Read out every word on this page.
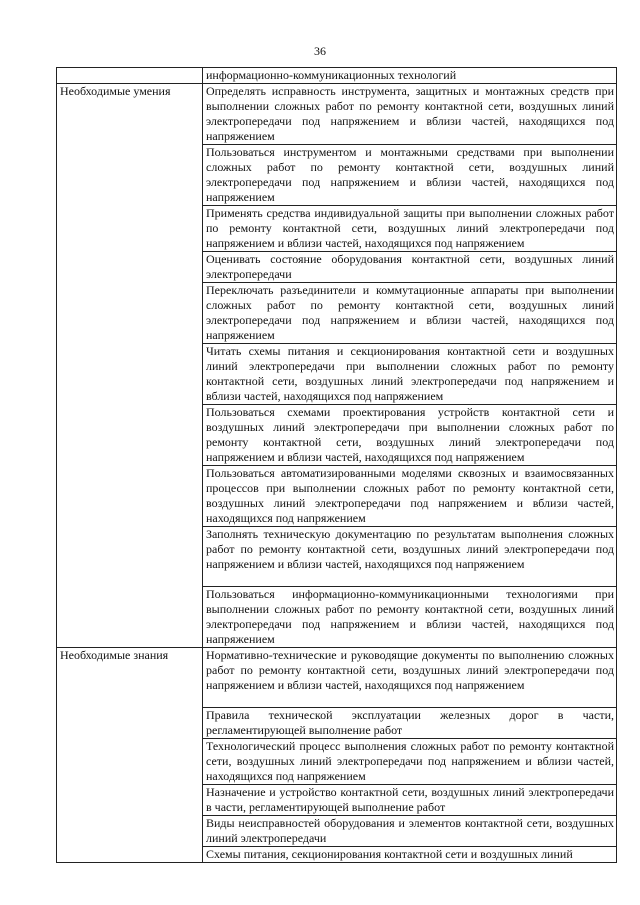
36
	информационно-коммуникационных технологий
Необходимые умения	Определять исправность инструмента, защитных и монтажных средств при выполнении сложных работ по ремонту контактной сети, воздушных линий электропередачи под напряжением и вблизи частей, находящихся под напряжением
	Пользоваться инструментом и монтажными средствами при выполнении сложных работ по ремонту контактной сети, воздушных линий электропередачи под напряжением и вблизи частей, находящихся под напряжением
	Применять средства индивидуальной защиты при выполнении сложных работ по ремонту контактной сети, воздушных линий электропередачи под напряжением и вблизи частей, находящихся под напряжением
	Оценивать состояние оборудования контактной сети, воздушных линий электропередачи
	Переключать разъединители и коммутационные аппараты при выполнении сложных работ по ремонту контактной сети, воздушных линий электропередачи под напряжением и вблизи частей, находящихся под напряжением
	Читать схемы питания и секционирования контактной сети и воздушных линий электропередачи при выполнении сложных работ по ремонту контактной сети, воздушных линий электропередачи под напряжением и вблизи частей, находящихся под напряжением
	Пользоваться схемами проектирования устройств контактной сети и воздушных линий электропередачи при выполнении сложных работ по ремонту контактной сети, воздушных линий электропередачи под напряжением и вблизи частей, находящихся под напряжением
	Пользоваться автоматизированными моделями сквозных и взаимосвязанных процессов при выполнении сложных работ по ремонту контактной сети, воздушных линий электропередачи под напряжением и вблизи частей, находящихся под напряжением
	Заполнять техническую документацию по результатам выполнения сложных работ по ремонту контактной сети, воздушных линий электропередачи под напряжением и вблизи частей, находящихся под напряжением
	Пользоваться информационно-коммуникационными технологиями при выполнении сложных работ по ремонту контактной сети, воздушных линий электропередачи под напряжением и вблизи частей, находящихся под напряжением
Необходимые знания	Нормативно-технические и руководящие документы по выполнению сложных работ по ремонту контактной сети, воздушных линий электропередачи под напряжением и вблизи частей, находящихся под напряжением
	Правила технической эксплуатации железных дорог в части, регламентирующей выполнение работ
	Технологический процесс выполнения сложных работ по ремонту контактной сети, воздушных линий электропередачи под напряжением и вблизи частей, находящихся под напряжением
	Назначение и устройство контактной сети, воздушных линий электропередачи в части, регламентирующей выполнение работ
	Виды неисправностей оборудования и элементов контактной сети, воздушных линий электропередачи
	Схемы питания, секционирования контактной сети и воздушных линий
